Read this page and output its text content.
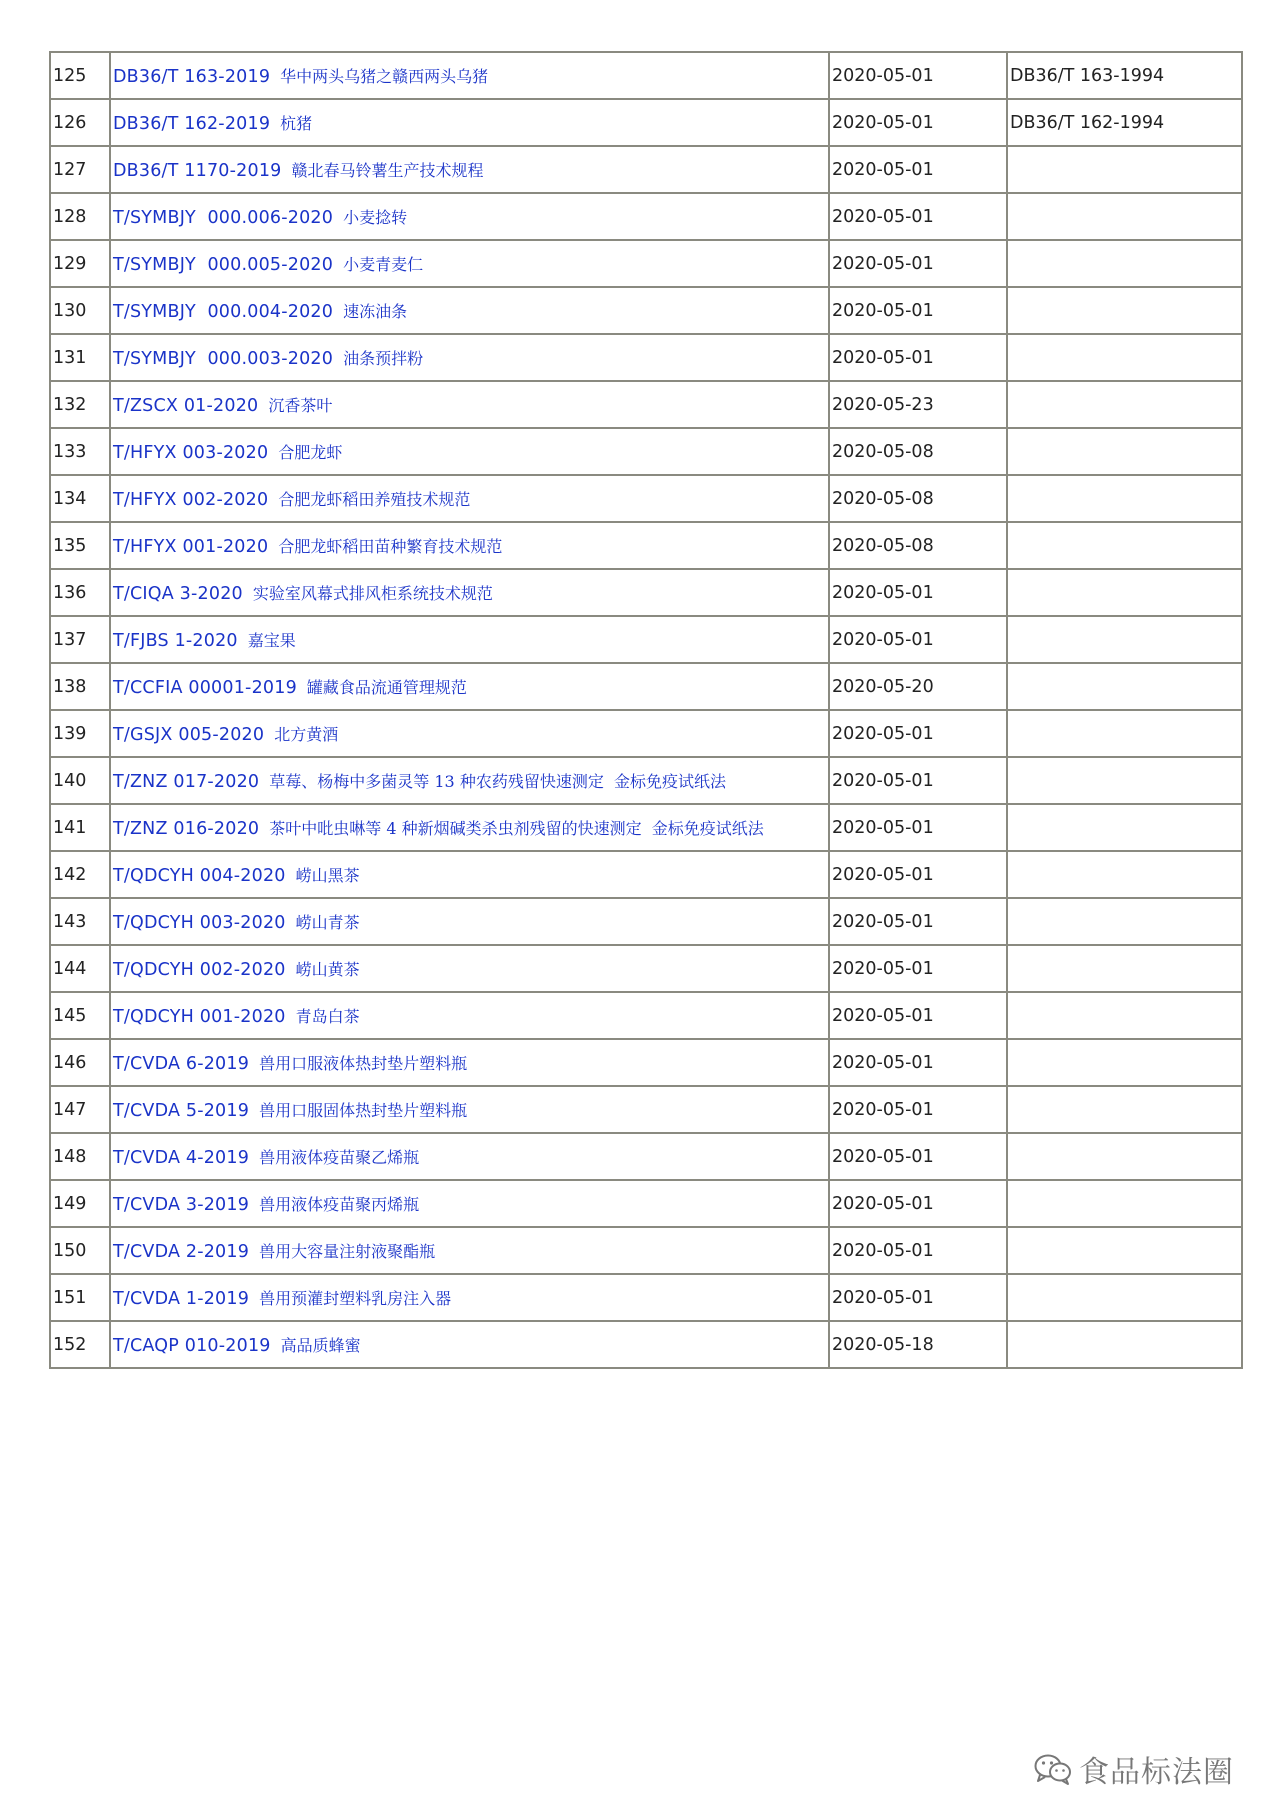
125	DB36/T 163-2019 华中两头乌猪之赣西两头乌猪	2020-05-01	DB36/T 163-1994
126	DB36/T 162-2019 杭猪	2020-05-01	DB36/T 162-1994
127	DB36/T 1170-2019 赣北春马铃薯生产技术规程	2020-05-01	
128	T/SYMBJY  000.006-2020 小麦捻转	2020-05-01	
129	T/SYMBJY  000.005-2020 小麦青麦仁	2020-05-01	
130	T/SYMBJY  000.004-2020 速冻油条	2020-05-01	
131	T/SYMBJY  000.003-2020 油条预拌粉	2020-05-01	
132	T/ZSCX 01-2020 沉香茶叶	2020-05-23	
133	T/HFYX 003-2020 合肥龙虾	2020-05-08	
134	T/HFYX 002-2020 合肥龙虾稻田养殖技术规范	2020-05-08	
135	T/HFYX 001-2020 合肥龙虾稻田苗种繁育技术规范	2020-05-08	
136	T/CIQA 3-2020 实验室风幕式排风柜系统技术规范	2020-05-01	
137	T/FJBS 1-2020 嘉宝果	2020-05-01	
138	T/CCFIA 00001-2019 罐藏食品流通管理规范	2020-05-20	
139	T/GSJX 005-2020 北方黄酒	2020-05-01	
140	T/ZNZ 017-2020 草莓、杨梅中多菌灵等 13 种农药残留快速测定  金标免疫试纸法	2020-05-01	
141	T/ZNZ 016-2020 茶叶中吡虫啉等 4 种新烟碱类杀虫剂残留的快速测定  金标免疫试纸法	2020-05-01	
142	T/QDCYH 004-2020 崂山黑茶	2020-05-01	
143	T/QDCYH 003-2020 崂山青茶	2020-05-01	
144	T/QDCYH 002-2020 崂山黄茶	2020-05-01	
145	T/QDCYH 001-2020 青岛白茶	2020-05-01	
146	T/CVDA 6-2019 兽用口服液体热封垫片塑料瓶	2020-05-01	
147	T/CVDA 5-2019 兽用口服固体热封垫片塑料瓶	2020-05-01	
148	T/CVDA 4-2019 兽用液体疫苗聚乙烯瓶	2020-05-01	
149	T/CVDA 3-2019 兽用液体疫苗聚丙烯瓶	2020-05-01	
150	T/CVDA 2-2019 兽用大容量注射液聚酯瓶	2020-05-01	
151	T/CVDA 1-2019 兽用预灌封塑料乳房注入器	2020-05-01	
152	T/CAQP 010-2019 高品质蜂蜜	2020-05-18	
食品标法圈
